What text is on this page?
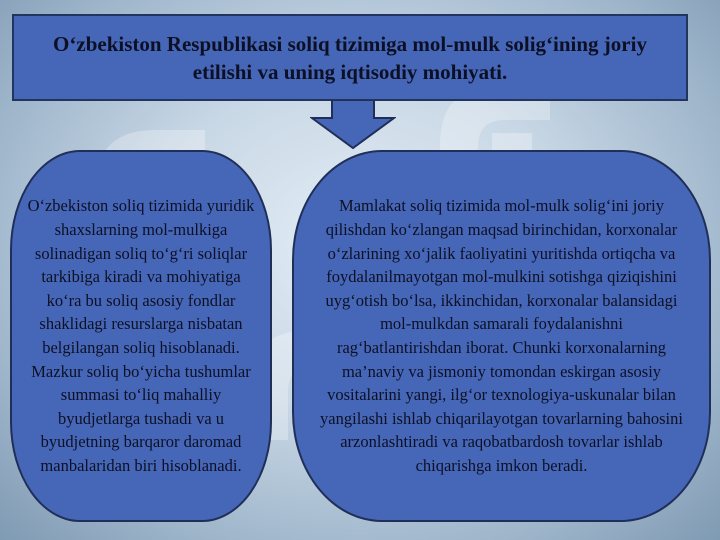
O‘zbekiston Respublikasi soliq tizimiga mol-mulk solig‘ining joriy etilishi va uning iqtisodiy mohiyati.

O‘zbekiston soliq tizimida yuridik shaxslarning mol-mulkiga solinadigan soliq to‘g‘ri soliqlar tarkibiga kiradi va mohiyatiga ko‘ra bu soliq asosiy fondlar shaklidagi resurslarga nisbatan belgilangan soliq hisoblanadi. Mazkur soliq bo‘yicha tushumlar summasi to‘liq mahalliy byudjetlarga tushadi va u byudjetning barqaror daromad manbalaridan biri hisoblanadi.

Mamlakat soliq tizimida mol-mulk solig‘ini joriy qilishdan ko‘zlangan maqsad birinchidan, korxonalar o‘zlarining xo‘jalik faoliyatini yuritishda ortiqcha va foydalanilmayotgan mol-mulkini sotishga qiziqishini uyg‘otish bo‘lsa, ikkinchidan, korxonalar balansidagi mol-mulkdan samarali foydalanishni rag‘batlantirishdan iborat. Chunki korxonalarning ma’naviy va jismoniy tomondan eskirgan asosiy vositalarini yangi, ilg‘or texnologiya-uskunalar bilan yangilashi ishlab chiqarilayotgan tovarlarning bahosini arzonlashtiradi va raqobatbardosh tovarlar ishlab chiqarishga imkon beradi.
